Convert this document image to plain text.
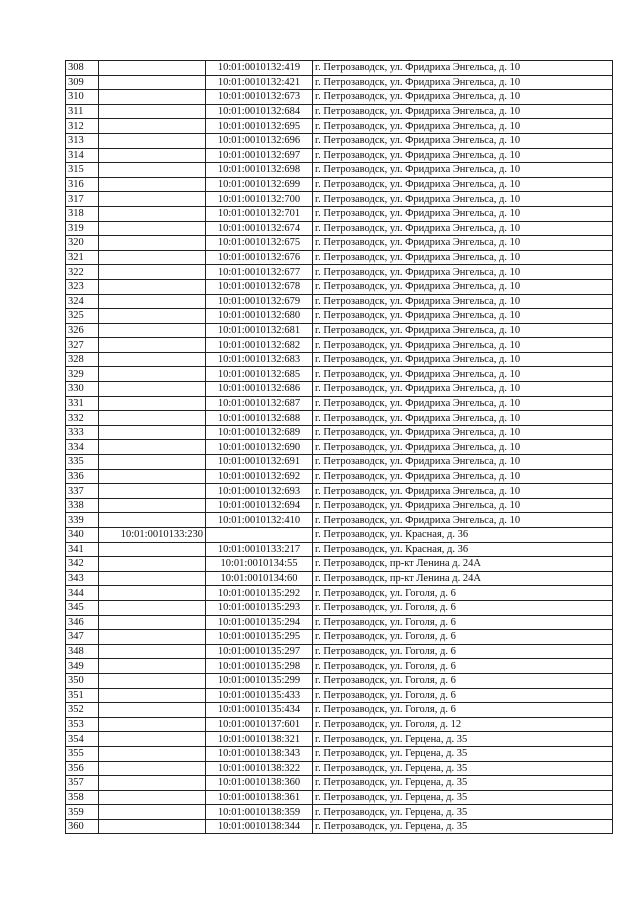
308		10:01:0010132:419	г. Петрозаводск, ул. Фридриха Энгельса, д. 10
309		10:01:0010132:421	г. Петрозаводск, ул. Фридриха Энгельса, д. 10
310		10:01:0010132:673	г. Петрозаводск, ул. Фридриха Энгельса, д. 10
311		10:01:0010132:684	г. Петрозаводск, ул. Фридриха Энгельса, д. 10
312		10:01:0010132:695	г. Петрозаводск, ул. Фридриха Энгельса, д. 10
313		10:01:0010132:696	г. Петрозаводск, ул. Фридриха Энгельса, д. 10
314		10:01:0010132:697	г. Петрозаводск, ул. Фридриха Энгельса, д. 10
315		10:01:0010132:698	г. Петрозаводск, ул. Фридриха Энгельса, д. 10
316		10:01:0010132:699	г. Петрозаводск, ул. Фридриха Энгельса, д. 10
317		10:01:0010132:700	г. Петрозаводск, ул. Фридриха Энгельса, д. 10
318		10:01:0010132:701	г. Петрозаводск, ул. Фридриха Энгельса, д. 10
319		10:01:0010132:674	г. Петрозаводск, ул. Фридриха Энгельса, д. 10
320		10:01:0010132:675	г. Петрозаводск, ул. Фридриха Энгельса, д. 10
321		10:01:0010132:676	г. Петрозаводск, ул. Фридриха Энгельса, д. 10
322		10:01:0010132:677	г. Петрозаводск, ул. Фридриха Энгельса, д. 10
323		10:01:0010132:678	г. Петрозаводск, ул. Фридриха Энгельса, д. 10
324		10:01:0010132:679	г. Петрозаводск, ул. Фридриха Энгельса, д. 10
325		10:01:0010132:680	г. Петрозаводск, ул. Фридриха Энгельса, д. 10
326		10:01:0010132:681	г. Петрозаводск, ул. Фридриха Энгельса, д. 10
327		10:01:0010132:682	г. Петрозаводск, ул. Фридриха Энгельса, д. 10
328		10:01:0010132:683	г. Петрозаводск, ул. Фридриха Энгельса, д. 10
329		10:01:0010132:685	г. Петрозаводск, ул. Фридриха Энгельса, д. 10
330		10:01:0010132:686	г. Петрозаводск, ул. Фридриха Энгельса, д. 10
331		10:01:0010132:687	г. Петрозаводск, ул. Фридриха Энгельса, д. 10
332		10:01:0010132:688	г. Петрозаводск, ул. Фридриха Энгельса, д. 10
333		10:01:0010132:689	г. Петрозаводск, ул. Фридриха Энгельса, д. 10
334		10:01:0010132:690	г. Петрозаводск, ул. Фридриха Энгельса, д. 10
335		10:01:0010132:691	г. Петрозаводск, ул. Фридриха Энгельса, д. 10
336		10:01:0010132:692	г. Петрозаводск, ул. Фридриха Энгельса, д. 10
337		10:01:0010132:693	г. Петрозаводск, ул. Фридриха Энгельса, д. 10
338		10:01:0010132:694	г. Петрозаводск, ул. Фридриха Энгельса, д. 10
339		10:01:0010132:410	г. Петрозаводск, ул. Фридриха Энгельса, д. 10
340	10:01:0010133:230		г. Петрозаводск, ул. Красная, д. 36
341		10:01:0010133:217	г. Петрозаводск, ул. Красная, д. 36
342		10:01:0010134:55	г. Петрозаводск, пр-кт Ленина д. 24А
343		10:01:0010134:60	г. Петрозаводск, пр-кт Ленина д. 24А
344		10:01:0010135:292	г. Петрозаводск, ул. Гоголя, д. 6
345		10:01:0010135:293	г. Петрозаводск, ул. Гоголя, д. 6
346		10:01:0010135:294	г. Петрозаводск, ул. Гоголя, д. 6
347		10:01:0010135:295	г. Петрозаводск, ул. Гоголя, д. 6
348		10:01:0010135:297	г. Петрозаводск, ул. Гоголя, д. 6
349		10:01:0010135:298	г. Петрозаводск, ул. Гоголя, д. 6
350		10:01:0010135:299	г. Петрозаводск, ул. Гоголя, д. 6
351		10:01:0010135:433	г. Петрозаводск, ул. Гоголя, д. 6
352		10:01:0010135:434	г. Петрозаводск, ул. Гоголя, д. 6
353		10:01:0010137:601	г. Петрозаводск, ул. Гоголя, д. 12
354		10:01:0010138:321	г. Петрозаводск, ул. Герцена, д. 35
355		10:01:0010138:343	г. Петрозаводск, ул. Герцена, д. 35
356		10:01:0010138:322	г. Петрозаводск, ул. Герцена, д. 35
357		10:01:0010138:360	г. Петрозаводск, ул. Герцена, д. 35
358		10:01:0010138:361	г. Петрозаводск, ул. Герцена, д. 35
359		10:01:0010138:359	г. Петрозаводск, ул. Герцена, д. 35
360		10:01:0010138:344	г. Петрозаводск, ул. Герцена, д. 35
